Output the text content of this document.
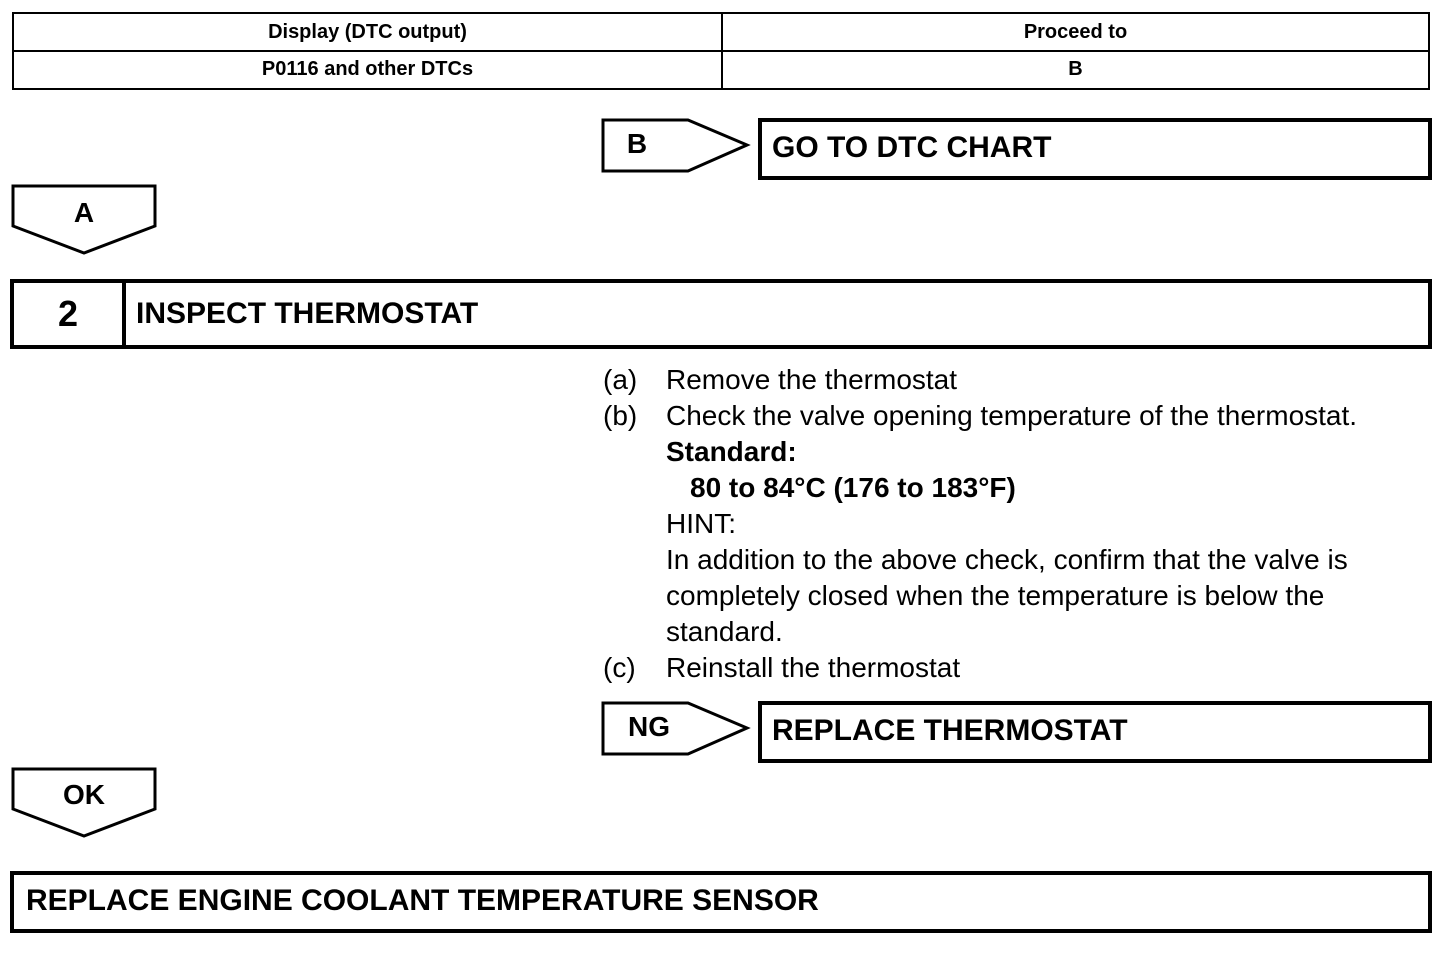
Display (DTC output)	Proceed to
P0116 and other DTCs	B
B	GO TO DTC CHART
A
2	INSPECT THERMOSTAT
(a) Remove the thermostat
(b) Check the valve opening temperature of the thermostat.
Standard:
80 to 84°C (176 to 183°F)
HINT:
In addition to the above check, confirm that the valve is
completely closed when the temperature is below the
standard.
(c) Reinstall the thermostat
NG	REPLACE THERMOSTAT
OK
REPLACE ENGINE COOLANT TEMPERATURE SENSOR
